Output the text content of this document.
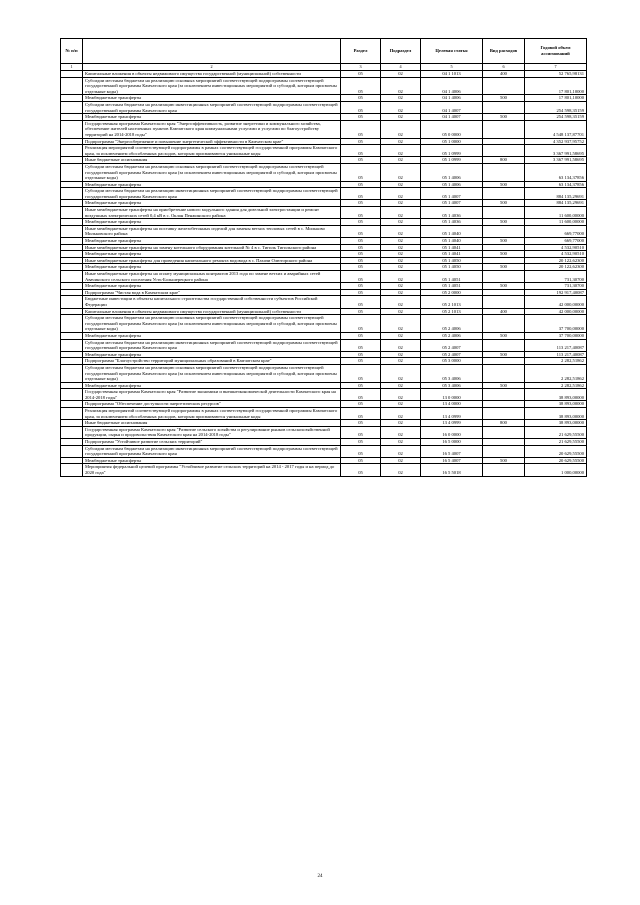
№ п/п		Раздел	Подраздел	Целевая статья	Вид расходов	Годовой объем ассигнований
1	2	3	4	5	6	7
	Капитальные вложения в объекты недвижимого имущества государственной (муниципальной) собственности	05	02	04 1 1013	400	52 765,98131
	Субсидии местным бюджетам на реализацию основных мероприятий соответствующей подпрограммы соответствующей государственной программы Камчатского края (за исключением инвестиционных мероприятий и субсидий, которым присвоены отдельные коды)	05	02	04 1 4006		17 801,10000
	Межбюджетные трансферты	05	02	04 1 4006	500	17 801,10000
	Субсидии местным бюджетам на реализацию инвестиционных мероприятий соответствующей подпрограммы соответствующей государственной программы Камчатского края	05	02	04 1 4007		254 598,35159
	Межбюджетные трансферты	05	02	04 1 4007	500	254 598,35159
	Государственная программа Камчатского края "Энергоэффективность, развитие энергетики и коммунального хозяйства, обеспечение жителей населенных пунктов Камчатского края коммунальными услугами и услугами по благоустройству территорий на 2014-2018 годы"	05	02	05 0 0000		4 548 137,87701
	Подпрограмма "Энергосбережение и повышение энергетической эффективности в Камчатском крае"	05	02	05 1 0000		4 352 937,95752
	Реализация мероприятий соответствующей подпрограммы в рамках соответствующей государственной программы Камчатского края, за исключением обособленных расходов, которым присваиваются уникальные коды	05	02	05 1 0999		3 367 991,58695
	Иные бюджетные ассигнования	05	02	05 1 0999	800	3 367 991,58695
	Субсидии местным бюджетам на реализацию основных мероприятий соответствующей подпрограммы соответствующей государственной программы Камчатского края (за исключением инвестиционных мероприятий и субсидий, которым присвоены отдельные коды)	05	02	05 1 4006		63 134,37856
	Межбюджетные трансферты	05	02	05 1 4006	500	63 134,37856
	Субсидии местным бюджетам на реализацию инвестиционных мероприятий соответствующей подпрограммы соответствующей государственной программы Камчатского края	05	02	05 1 4007		884 135,29691
	Межбюджетные трансферты	05	02	05 1 4007	500	884 135,29691
	Иные межбюджетные трансферты на приобретение нового модульного здания для дизельной электростанции и ремонт воздушных электрических сетей 0,4 кВ в с. Оклан Пенжинского района	05	02	05 1 4036		11 600,00000
	Межбюджетные трансферты	05	02	05 1 4036	500	11 600,00000
	Иные межбюджетные трансферты на поставку железобетонных изделий для замены ветхих тепловых сетей в с. Мильково Мильковского района	05	02	05 1 4040		669,77000
	Межбюджетные трансферты	05	02	05 1 4040	500	669,77000
	Иные межбюджетные трансферты на замену котельного оборудования котельной № 4 в с. Тигиль Тигильского района	05	02	05 1 4041		4 532,90510
	Межбюджетные трансферты	05	02	05 1 4041	500	4 532,90510
	Иные межбюджетные трансферты для проведения капитального ремонта водовода в с. Пахачи Олюторского района	05	02	05 1 4050		20 122,62300
	Межбюджетные трансферты	05	02	05 1 4050	500	20 122,62300
	Иные межбюджетные трансферты на оплату муниципальных контрактов 2013 года по замене ветхих и аварийных сетей Авачинского сельского поселения Усть-Большерецкого района	05	02	05 1 4051		731,30700
	Межбюджетные трансферты	05	02	05 1 4051	500	731,30700
	Подпрограмма "Чистая вода в Камчатском крае"	05	02	05 2 0000		192 917,40087
	Бюджетные инвестиции в объекты капитального строительства государственной собственности субъектов Российской Федерации	05	02	05 2 1013		42 000,00000
	Капитальные вложения в объекты недвижимого имущества государственной (муниципальной) собственности	05	02	05 2 1013	400	42 000,00000
	Субсидии местным бюджетам на реализацию основных мероприятий соответствующей подпрограммы соответствующей государственной программы Камчатского края (за исключением инвестиционных мероприятий и субсидий, которым присвоены отдельные коды)	05	02	05 2 4006		37 700,00000
	Межбюджетные трансферты	05	02	05 2 4006	500	37 700,00000
	Субсидии местным бюджетам на реализацию инвестиционных мероприятий соответствующей подпрограммы соответствующей государственной программы Камчатского края	05	02	05 2 4007		113 217,40087
	Межбюджетные трансферты	05	02	05 2 4007	500	113 217,40087
	Подпрограмма "Благоустройство территорий муниципальных образований в Камчатском крае"	05	02	05 3 0000		2 282,51862
	Субсидии местным бюджетам на реализацию основных мероприятий соответствующей подпрограммы соответствующей государственной программы Камчатского края (за исключением инвестиционных мероприятий и субсидий, которым присвоены отдельные коды)	05	02	05 3 4006		2 282,51862
	Межбюджетные трансферты	05	02	05 3 4006	500	2 282,51862
	Государственная программа Камчатского края "Развитие экономики и внешнеэкономической деятельности Камчатского края на 2014-2018 годы"	05	02	13 0 0000		38 893,00000
	Подпрограмма "Обеспечение доступности энергетических ресурсов"	05	02	13 4 0000		38 893,00000
	Реализация мероприятий соответствующей подпрограммы в рамках соответствующей государственной программы Камчатского края, за исключением обособленных расходов, которым присваиваются уникальные коды	05	02	13 4 0999		38 893,00000
	Иные бюджетные ассигнования	05	02	13 4 0999	800	38 893,00000
	Государственная программа Камчатского края "Развитие сельского хозяйства и регулирование рынков сельскохозяйственной продукции, сырья и продовольствия Камчатского края на 2014-2018 годы"	05	02	16 0 0000		21 629,55500
	Подпрограмма "Устойчивое развитие сельских территорий"	05	02	16 5 0000		21 629,55500
	Субсидии местным бюджетам на реализацию инвестиционных мероприятий соответствующей подпрограммы соответствующей государственной программы Камчатского края	05	02	16 5 4007		20 629,55500
	Межбюджетные трансферты	05	02	16 5 4007	500	20 629,55500
	Мероприятия федеральной целевой программы "Устойчивое развитие сельских территорий на 2014 - 2017 годы и на период до 2020 года"	05	02	16 5 5018		1 000,00000
24
